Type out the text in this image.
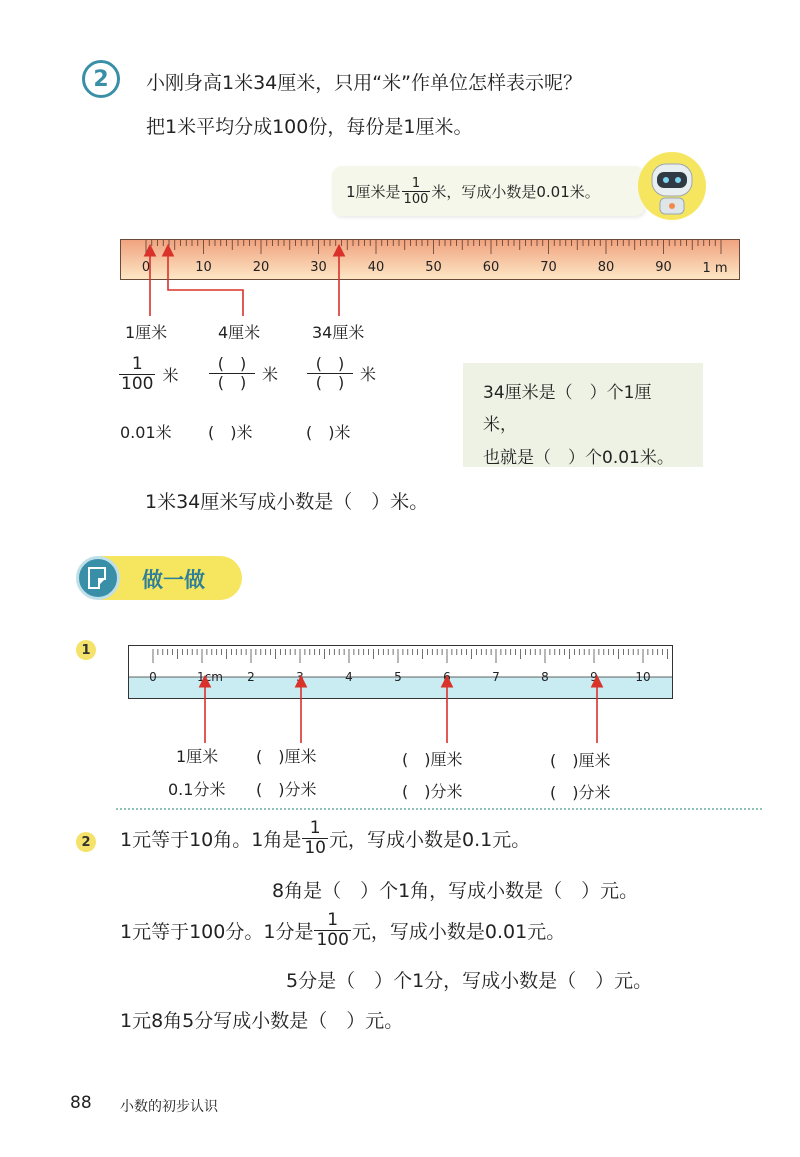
2 小刚身高1米34厘米，只用“米”作单位怎样表示呢？
把1米平均分成100份，每份是1厘米。
1厘米是 $\frac{1}{100}$ 米，写成小数是0.01米。
0	10	20	30	40	50	60	70	80	90 1 m
1厘米	4厘米	34厘米
$\frac{1}{100}$ 米 $\frac{( )}{( )}$ 米 $\frac{( )}{( )}$ 米
0.01米 (　)米	(　)米
34厘米是（　）个1厘米，
也就是（　）个0.01米。
1米34厘米写成小数是（　）米。
做一做
1
0	1cm 2	3	4	5	6	7	8	9	10
1厘米 (　)厘米	(　)厘米	(　)厘米
0.1分米 (　)分米	(　)分米	(　)分米
2 1元等于10角。1角是 $\frac{1}{10}$ 元，写成小数是0.1元。
8角是（　）个1角，写成小数是（　）元。
1元等于100分。1分是 $\frac{1}{100}$ 元，写成小数是0.01元。
5分是（　）个1分，写成小数是（　）元。
1元8角5分写成小数是（　）元。
88 小数的初步认识
